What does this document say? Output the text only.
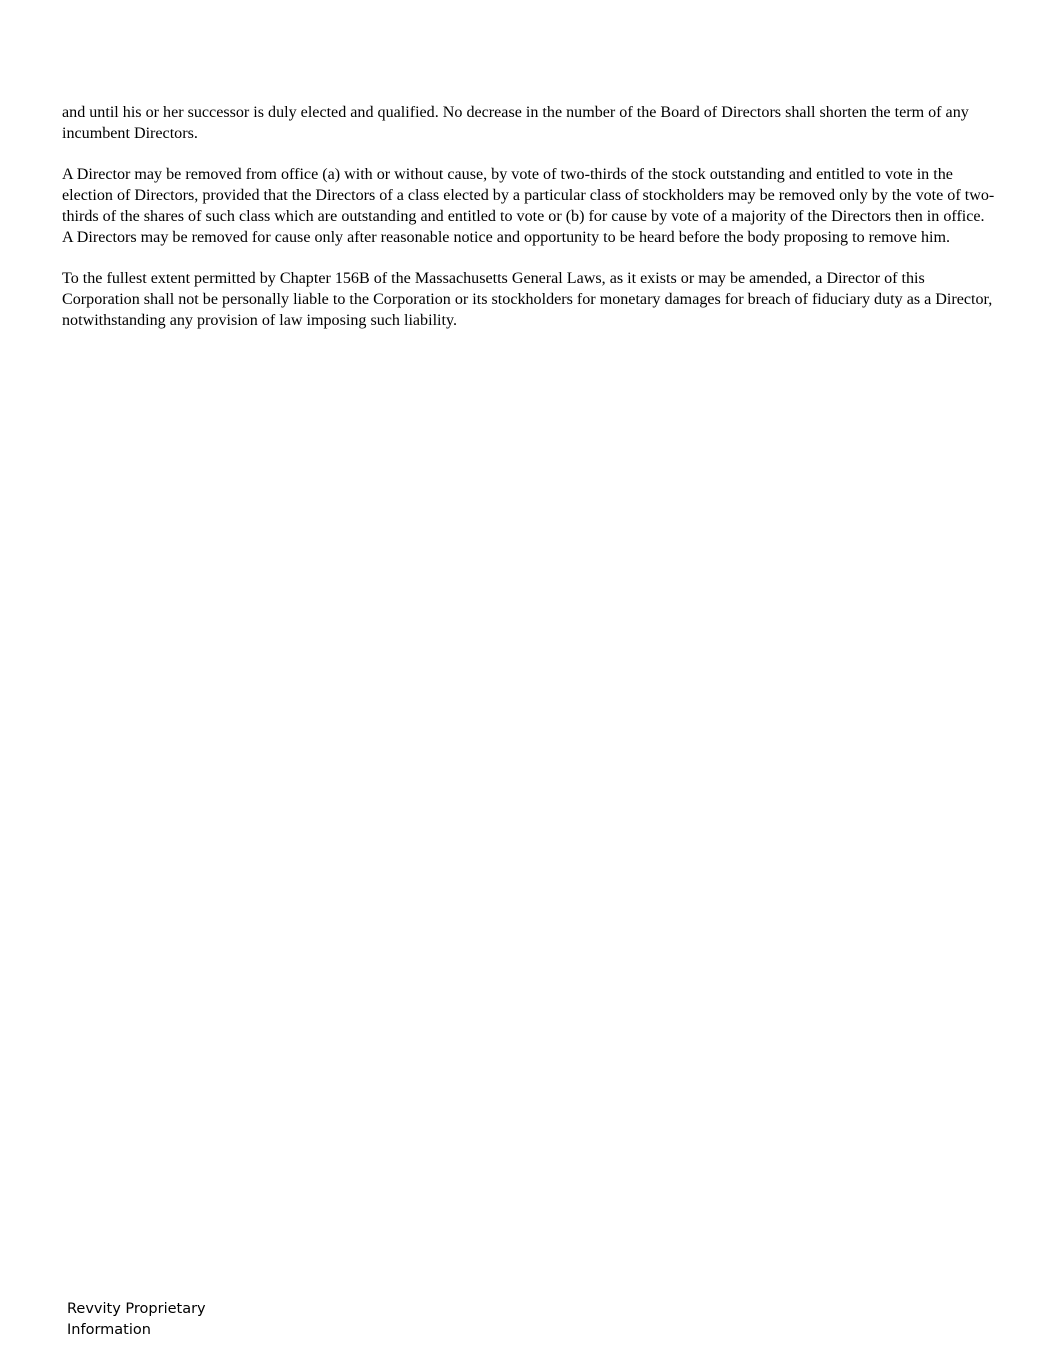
and until his or her successor is duly elected and qualified. No decrease in the number of the Board of Directors shall shorten the term of any incumbent Directors.

A Director may be removed from office (a) with or without cause, by vote of two-thirds of the stock outstanding and entitled to vote in the election of Directors, provided that the Directors of a class elected by a particular class of stockholders may be removed only by the vote of two-thirds of the shares of such class which are outstanding and entitled to vote or (b) for cause by vote of a majority of the Directors then in office. A Directors may be removed for cause only after reasonable notice and opportunity to be heard before the body proposing to remove him.

To the fullest extent permitted by Chapter 156B of the Massachusetts General Laws, as it exists or may be amended, a Director of this Corporation shall not be personally liable to the Corporation or its stockholders for monetary damages for breach of fiduciary duty as a Director, notwithstanding any provision of law imposing such liability.

Revvity Proprietary
Information
